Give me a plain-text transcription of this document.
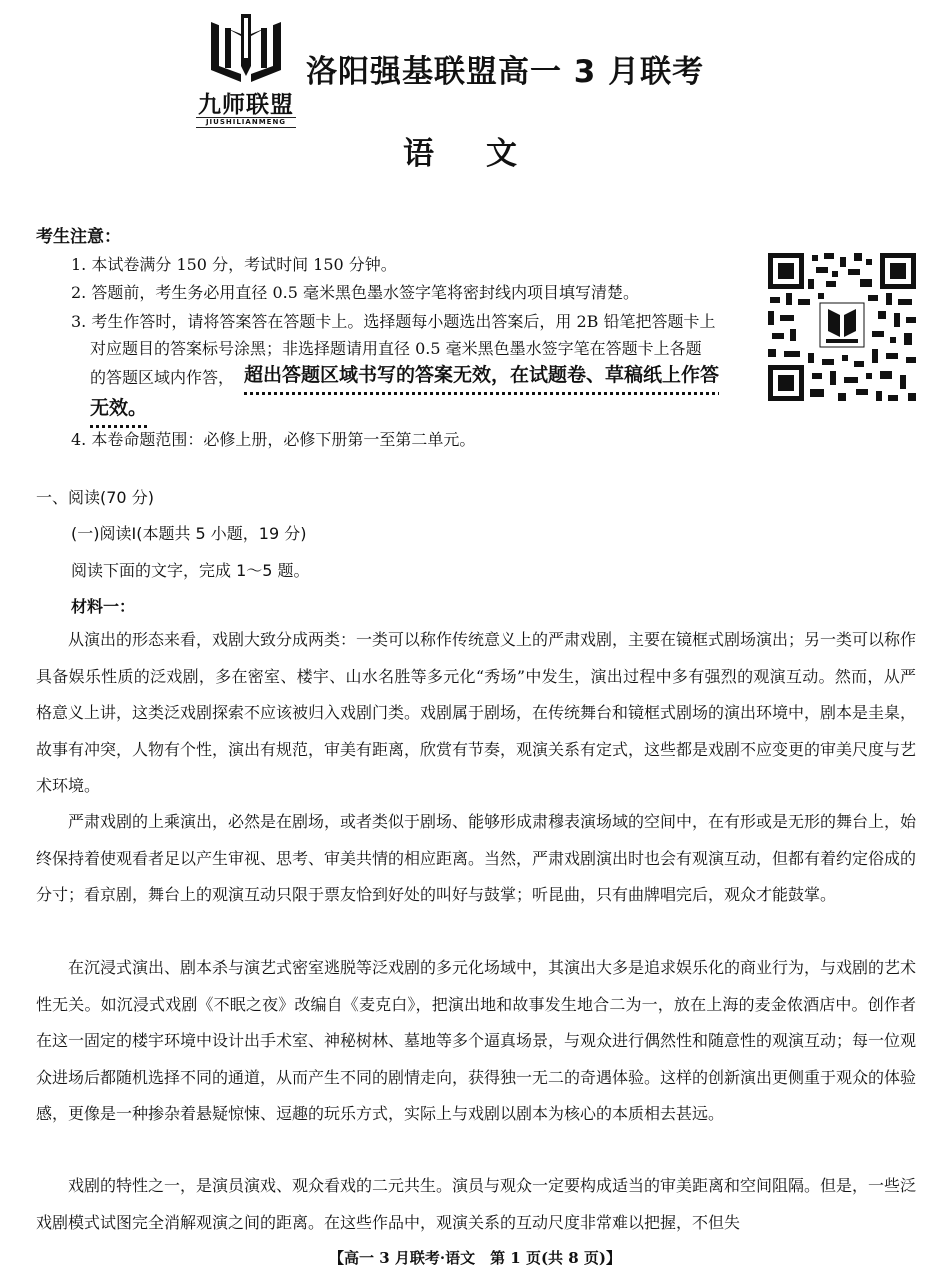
九师联盟
JIUSHILIANMENG
洛阳强基联盟高一 3 月联考
语文
考生注意：
1. 本试卷满分 150 分，考试时间 150 分钟。
2. 答题前，考生务必用直径 0.5 毫米黑色墨水签字笔将密封线内项目填写清楚。
3. 考生作答时，请将答案答在答题卡上。选择题每小题选出答案后，用 2B 铅笔把答题卡上
对应题目的答案标号涂黑；非选择题请用直径 0.5 毫米黑色墨水签字笔在答题卡上各题
的答题区域内作答， 超出答题区域书写的答案无效，在试题卷、草稿纸上作答
无效。
4. 本卷命题范围：必修上册，必修下册第一至第二单元。
一、阅读(70 分)
(一)阅读Ⅰ(本题共 5 小题，19 分)
阅读下面的文字，完成 1～5 题。
材料一：

从演出的形态来看，戏剧大致分成两类：一类可以称作传统意义上的严肃戏剧，主要在镜框式剧场演出；另一类可以称作具备娱乐性质的泛戏剧，多在密室、楼宇、山水名胜等多元化“秀场”中发生，演出过程中多有强烈的观演互动。然而，从严格意义上讲，这类泛戏剧探索不应该被归入戏剧门类。戏剧属于剧场，在传统舞台和镜框式剧场的演出环境中，剧本是圭臬，故事有冲突，人物有个性，演出有规范，审美有距离，欣赏有节奏，观演关系有定式，这些都是戏剧不应变更的审美尺度与艺术环境。

严肃戏剧的上乘演出，必然是在剧场，或者类似于剧场、能够形成肃穆表演场域的空间中，在有形或是无形的舞台上，始终保持着使观看者足以产生审视、思考、审美共情的相应距离。当然，严肃戏剧演出时也会有观演互动，但都有着约定俗成的分寸；看京剧，舞台上的观演互动只限于票友恰到好处的叫好与鼓掌；听昆曲，只有曲牌唱完后，观众才能鼓掌。

在沉浸式演出、剧本杀与演艺式密室逃脱等泛戏剧的多元化场域中，其演出大多是追求娱乐化的商业行为，与戏剧的艺术性无关。如沉浸式戏剧《不眠之夜》改编自《麦克白》，把演出地和故事发生地合二为一，放在上海的麦金侬酒店中。创作者在这一固定的楼宇环境中设计出手术室、神秘树林、墓地等多个逼真场景，与观众进行偶然性和随意性的观演互动；每一位观众进场后都随机选择不同的通道，从而产生不同的剧情走向，获得独一无二的奇遇体验。这样的创新演出更侧重于观众的体验感，更像是一种掺杂着悬疑惊悚、逗趣的玩乐方式，实际上与戏剧以剧本为核心的本质相去甚远。

戏剧的特性之一，是演员演戏、观众看戏的二元共生。演员与观众一定要构成适当的审美距离和空间阻隔。但是，一些泛戏剧模式试图完全消解观演之间的距离。在这些作品中，观演关系的互动尺度非常难以把握，不但失

【高一 3 月联考·语文　第 1 页(共 8 页)】
